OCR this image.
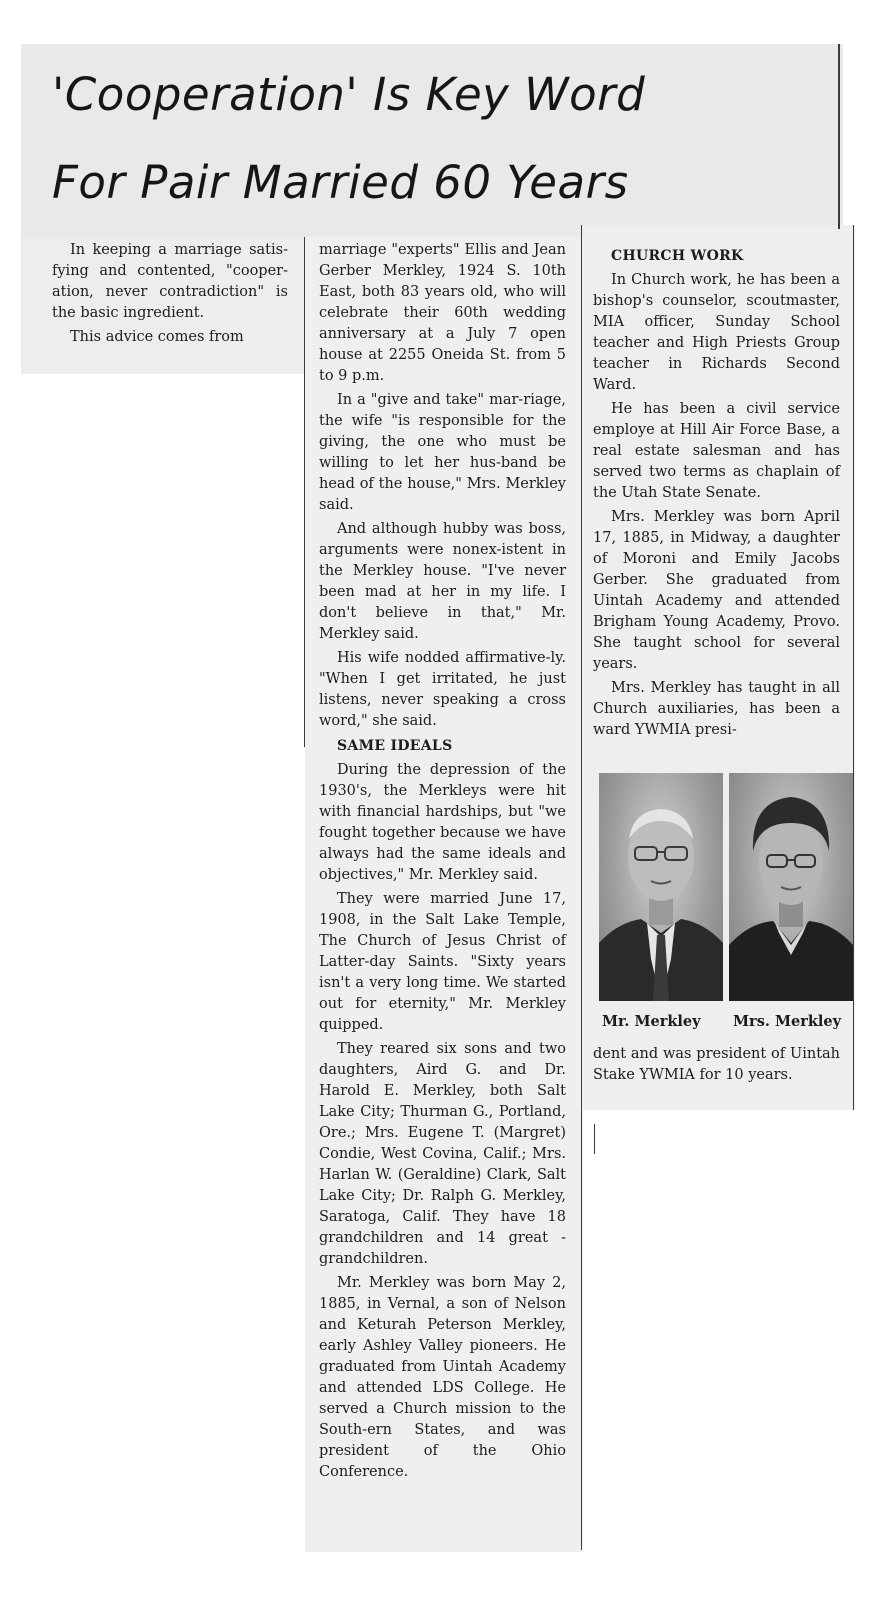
'Cooperation' Is Key Word
For Pair Married 60 Years

In keeping a marriage satis-fying and contented, "cooper-ation, never contradiction" is the basic ingredient.

This advice comes from

marriage "experts" Ellis and Jean Gerber Merkley, 1924 S. 10th East, both 83 years old, who will celebrate their 60th wedding anniversary at a July 7 open house at 2255 Oneida St. from 5 to 9 p.m.

In a "give and take" mar-riage, the wife "is responsible for the giving, the one who must be willing to let her hus-band be head of the house," Mrs. Merkley said.

And although hubby was boss, arguments were nonex-istent in the Merkley house. "I've never been mad at her in my life. I don't believe in that," Mr. Merkley said.

His wife nodded affirmative-ly. "When I get irritated, he just listens, never speaking a cross word," she said.

SAME IDEALS

During the depression of the 1930's, the Merkleys were hit with financial hardships, but "we fought together because we have always had the same ideals and objectives," Mr. Merkley said.

They were married June 17, 1908, in the Salt Lake Temple, The Church of Jesus Christ of Latter-day Saints. "Sixty years isn't a very long time. We started out for eternity," Mr. Merkley quipped.

They reared six sons and two daughters, Aird G. and Dr. Harold E. Merkley, both Salt Lake City; Thurman G., Portland, Ore.; Mrs. Eugene T. (Margret) Condie, West Covina, Calif.; Mrs. Harlan W. (Geraldine) Clark, Salt Lake City; Dr. Ralph G. Merkley, Saratoga, Calif. They have 18 grandchildren and 14 great - grandchildren.

Mr. Merkley was born May 2, 1885, in Vernal, a son of Nelson and Keturah Peterson Merkley, early Ashley Valley pioneers. He graduated from Uintah Academy and attended LDS College. He served a Church mission to the South-ern States, and was president of the Ohio Conference.

CHURCH WORK

In Church work, he has been a bishop's counselor, scoutmaster, MIA officer, Sunday School teacher and High Priests Group teacher in Richards Second Ward.

He has been a civil service employe at Hill Air Force Base, a real estate salesman and has served two terms as chaplain of the Utah State Senate.

Mrs. Merkley was born April 17, 1885, in Midway, a daughter of Moroni and Emily Jacobs Gerber. She graduated from Uintah Academy and attended Brigham Young Academy, Provo. She taught school for several years.

Mrs. Merkley has taught in all Church auxiliaries, has been a ward YWMIA presi-

Mr. Merkley Mrs. Merkley

dent and was president of Uintah Stake YWMIA for 10 years.
